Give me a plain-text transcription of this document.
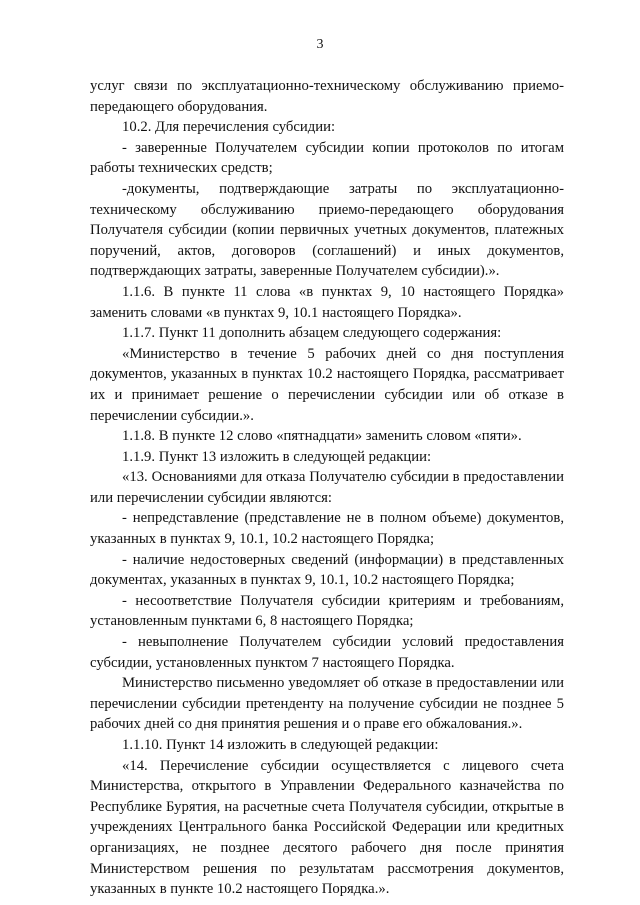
3

услуг связи по эксплуатационно-техническому обслуживанию приемо-передающего оборудования.

10.2. Для перечисления субсидии:

- заверенные Получателем субсидии копии протоколов по итогам работы технических средств;

-документы, подтверждающие затраты по эксплуатационно-техническому обслуживанию приемо-передающего оборудования Получателя субсидии (копии первичных учетных документов, платежных поручений, актов, договоров (соглашений) и иных документов, подтверждающих затраты, заверенные Получателем субсидии).».

1.1.6. В пункте 11 слова «в пунктах 9, 10 настоящего Порядка» заменить словами «в пунктах 9, 10.1 настоящего Порядка».

1.1.7. Пункт 11 дополнить абзацем следующего содержания:

«Министерство в течение 5 рабочих дней со дня поступления документов, указанных в пунктах 10.2 настоящего Порядка, рассматривает их и принимает решение о перечислении субсидии или об отказе в перечислении субсидии.».

1.1.8. В пункте 12 слово «пятнадцати» заменить словом «пяти».

1.1.9. Пункт 13 изложить в следующей редакции:

«13. Основаниями для отказа Получателю субсидии в предоставлении или перечислении субсидии являются:

- непредставление (представление не в полном объеме) документов, указанных в пунктах 9, 10.1, 10.2 настоящего Порядка;

- наличие недостоверных сведений (информации) в представленных документах, указанных в пунктах 9, 10.1, 10.2 настоящего Порядка;

- несоответствие Получателя субсидии критериям и требованиям, установленным пунктами 6, 8 настоящего Порядка;

- невыполнение Получателем субсидии условий предоставления субсидии, установленных пунктом 7 настоящего Порядка.

Министерство письменно уведомляет об отказе в предоставлении или перечислении субсидии претенденту на получение субсидии не позднее 5 рабочих дней со дня принятия решения и о праве его обжалования.».

1.1.10. Пункт 14 изложить в следующей редакции:

«14. Перечисление субсидии осуществляется с лицевого счета Министерства, открытого в Управлении Федерального казначейства по Республике Бурятия, на расчетные счета Получателя субсидии, открытые в учреждениях Центрального банка Российской Федерации или кредитных организациях, не позднее десятого рабочего дня после принятия Министерством решения по результатам рассмотрения документов, указанных в пункте 10.2 настоящего Порядка.».
